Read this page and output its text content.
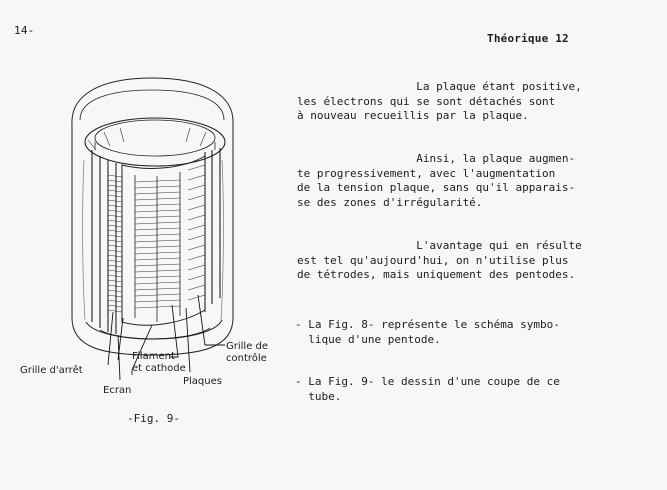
14-
Théorique 12
La plaque étant positive,
les électrons qui se sont détachés sont
à nouveau recueillis par la plaque.
Ainsi, la plaque augmen-
te progressivement, avec l'augmentation
de la tension plaque, sans qu'il apparais-
se des zones d'irrégularité.
L'avantage qui en résulte
est tel qu'aujourd'hui, on n'utilise plus
de tétrodes, mais uniquement des pentodes.
- La Fig. 8- représente le schéma symbo-
lique d'une pentode.
- La Fig. 9- le dessin d'une coupe de ce
tube.
Grille de
contrôle
Filament
et cathode
Grille d'arrêt
Plaques
Ecran
-Fig. 9-
